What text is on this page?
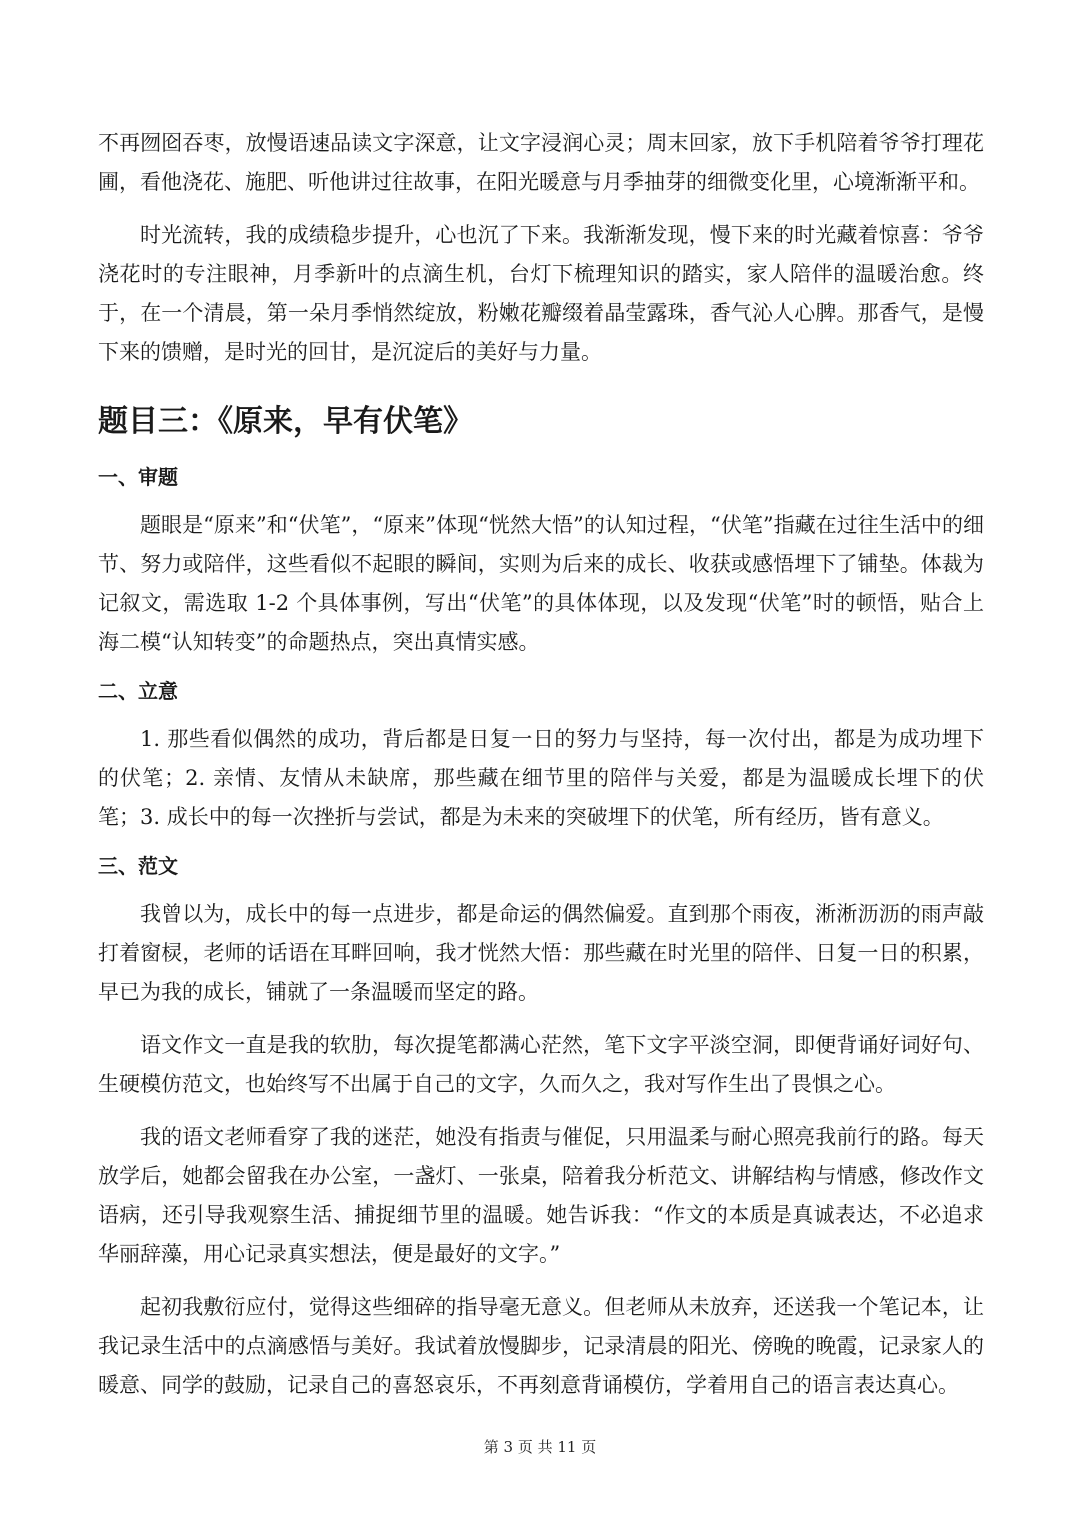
不再囫囵吞枣，放慢语速品读文字深意，让文字浸润心灵；周末回家，放下手机陪着爷爷打理花圃，看他浇花、施肥、听他讲过往故事，在阳光暖意与月季抽芽的细微变化里，心境渐渐平和。

时光流转，我的成绩稳步提升，心也沉了下来。我渐渐发现，慢下来的时光藏着惊喜：爷爷浇花时的专注眼神，月季新叶的点滴生机，台灯下梳理知识的踏实，家人陪伴的温暖治愈。终于，在一个清晨，第一朵月季悄然绽放，粉嫩花瓣缀着晶莹露珠，香气沁人心脾。那香气，是慢下来的馈赠，是时光的回甘，是沉淀后的美好与力量。

题目三：《原来，早有伏笔》
一、审题

题眼是“原来”和“伏笔”，“原来”体现“恍然大悟”的认知过程，“伏笔”指藏在过往生活中的细节、努力或陪伴，这些看似不起眼的瞬间，实则为后来的成长、收获或感悟埋下了铺垫。体裁为记叙文，需选取 1-2 个具体事例，写出“伏笔”的具体体现，以及发现“伏笔”时的顿悟，贴合上海二模“认知转变”的命题热点，突出真情实感。

二、立意

1. 那些看似偶然的成功，背后都是日复一日的努力与坚持，每一次付出，都是为成功埋下的伏笔；2. 亲情、友情从未缺席，那些藏在细节里的陪伴与关爱，都是为温暖成长埋下的伏笔；3. 成长中的每一次挫折与尝试，都是为未来的突破埋下的伏笔，所有经历，皆有意义。

三、范文

我曾以为，成长中的每一点进步，都是命运的偶然偏爱。直到那个雨夜，淅淅沥沥的雨声敲打着窗棂，老师的话语在耳畔回响，我才恍然大悟：那些藏在时光里的陪伴、日复一日的积累，早已为我的成长，铺就了一条温暖而坚定的路。

语文作文一直是我的软肋，每次提笔都满心茫然，笔下文字平淡空洞，即便背诵好词好句、生硬模仿范文，也始终写不出属于自己的文字，久而久之，我对写作生出了畏惧之心。

我的语文老师看穿了我的迷茫，她没有指责与催促，只用温柔与耐心照亮我前行的路。每天放学后，她都会留我在办公室，一盏灯、一张桌，陪着我分析范文、讲解结构与情感，修改作文语病，还引导我观察生活、捕捉细节里的温暖。她告诉我：“作文的本质是真诚表达，不必追求华丽辞藻，用心记录真实想法，便是最好的文字。”

起初我敷衍应付，觉得这些细碎的指导毫无意义。但老师从未放弃，还送我一个笔记本，让我记录生活中的点滴感悟与美好。我试着放慢脚步，记录清晨的阳光、傍晚的晚霞，记录家人的暖意、同学的鼓励，记录自己的喜怒哀乐，不再刻意背诵模仿，学着用自己的语言表达真心。

第 3 页 共 11 页
